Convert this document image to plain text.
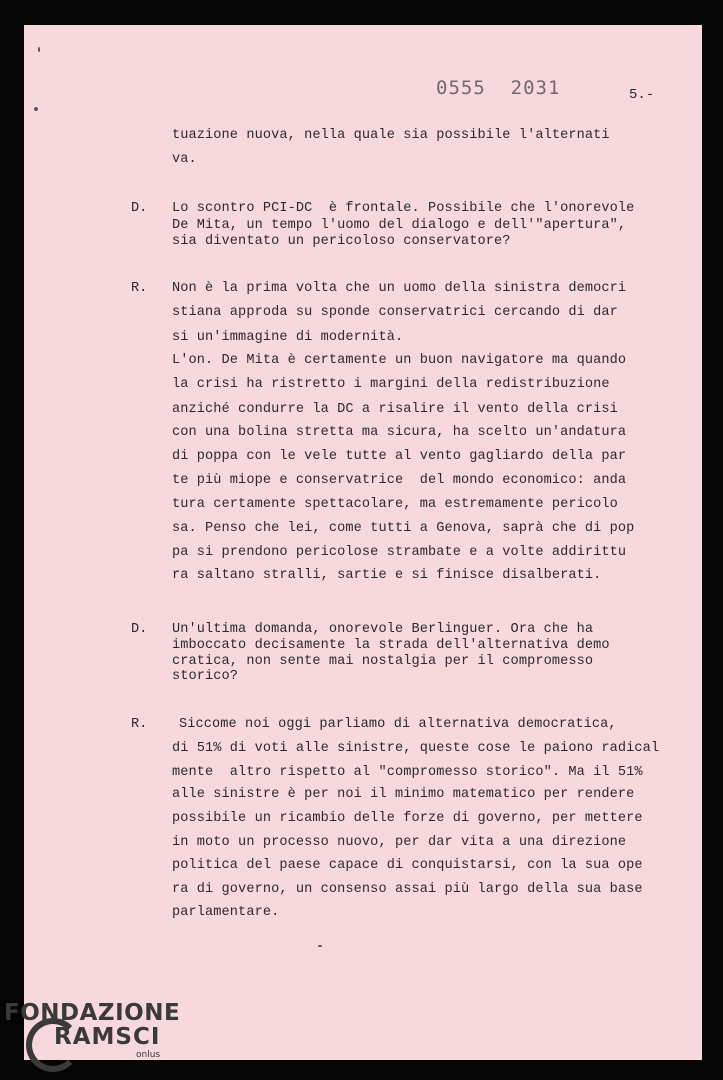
0555  2031	5.-
tuazione nuova, nella quale sia possibile l'alternati
va.
D. Lo scontro PCI-DC  è frontale. Possibile che l'onorevole
De Mita, un tempo l'uomo del dialogo e dell'"apertura",
sia diventato un pericoloso conservatore?
R. Non è la prima volta che un uomo della sinistra democri
stiana approda su sponde conservatrici cercando di dar
si un'immagine di modernità.
L'on. De Mita è certamente un buon navigatore ma quando
la crisi ha ristretto i margini della redistribuzione
anziché condurre la DC a risalire il vento della crisi
con una bolina stretta ma sicura, ha scelto un'andatura
di poppa con le vele tutte al vento gagliardo della par
te più miope e conservatrice  del mondo economico: anda
tura certamente spettacolare, ma estremamente pericolo
sa. Penso che lei, come tutti a Genova, saprà che di pop
pa si prendono pericolose strambate e a volte addirittu
ra saltano stralli, sartie e si finisce disalberati.
D. Un'ultima domanda, onorevole Berlinguer. Ora che ha
imboccato decisamente la strada dell'alternativa demo
cratica, non sente mai nostalgia per il compromesso
storico?
R. Siccome noi oggi parliamo di alternativa democratica,
di 51% di voti alle sinistre, queste cose le paiono radical
mente  altro rispetto al "compromesso storico". Ma il 51%
alle sinistre è per noi il minimo matematico per rendere
possibile un ricambio delle forze di governo, per mettere
in moto un processo nuovo, per dar vita a una direzione
politica del paese capace di conquistarsi, con la sua ope
ra di governo, un consenso assai più largo della sua base
parlamentare.
FONDAZIONE
RAMSCI
onlus
